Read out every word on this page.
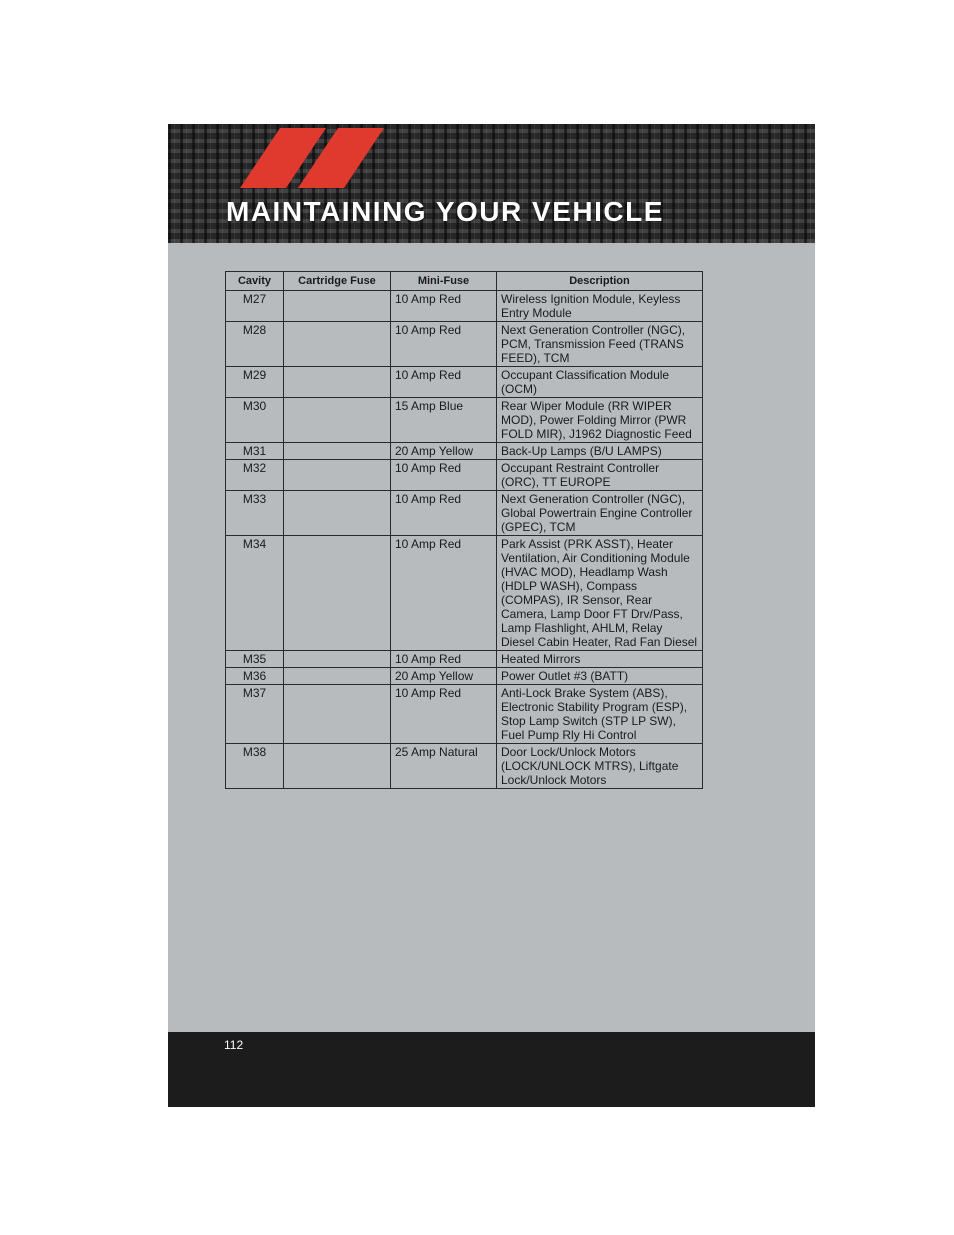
MAINTAINING YOUR VEHICLE
Cavity	Cartridge Fuse	Mini-Fuse	Description
M27		10 Amp Red	Wireless Ignition Module, Keyless Entry Module
M28		10 Amp Red	Next Generation Controller (NGC), PCM, Transmission Feed (TRANS FEED), TCM
M29		10 Amp Red	Occupant Classification Module (OCM)
M30		15 Amp Blue	Rear Wiper Module (RR WIPER MOD), Power Folding Mirror (PWR FOLD MIR), J1962 Diagnostic Feed
M31		20 Amp Yellow	Back-Up Lamps (B/U LAMPS)
M32		10 Amp Red	Occupant Restraint Controller (ORC), TT EUROPE
M33		10 Amp Red	Next Generation Controller (NGC), Global Powertrain Engine Controller (GPEC), TCM
M34		10 Amp Red	Park Assist (PRK ASST), Heater Ventilation, Air Conditioning Module (HVAC MOD), Headlamp Wash (HDLP WASH), Compass (COMPAS), IR Sensor, Rear Camera, Lamp Door FT Drv/Pass, Lamp Flashlight, AHLM, Relay Diesel Cabin Heater, Rad Fan Diesel
M35		10 Amp Red	Heated Mirrors
M36		20 Amp Yellow	Power Outlet #3 (BATT)
M37		10 Amp Red	Anti-Lock Brake System (ABS), Electronic Stability Program (ESP), Stop Lamp Switch (STP LP SW), Fuel Pump Rly Hi Control
M38		25 Amp Natural	Door Lock/Unlock Motors (LOCK/UNLOCK MTRS), Liftgate Lock/Unlock Motors
112
